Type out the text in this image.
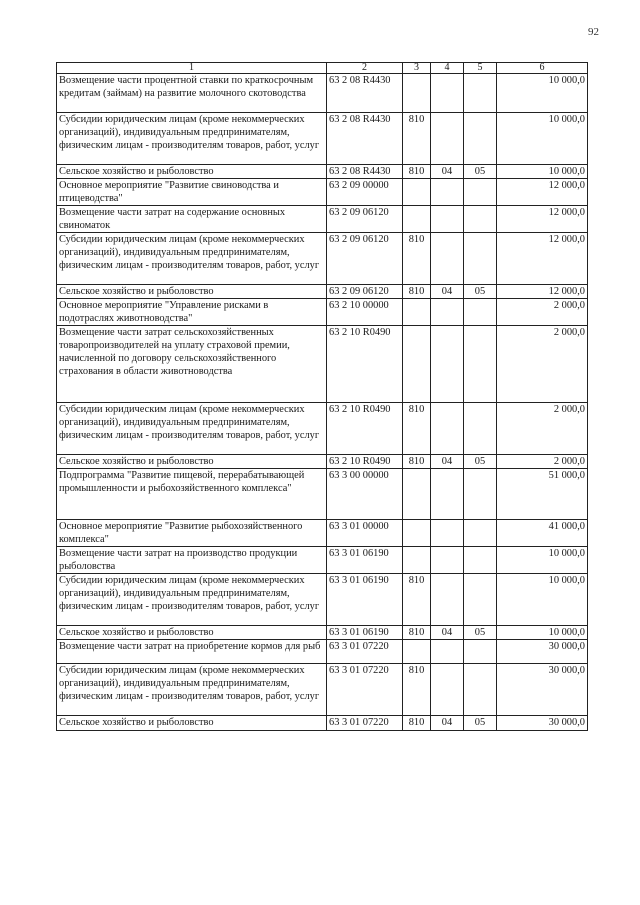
92
1	2	3	4	5	6
Возмещение части процентной ставки по краткосрочным кредитам (займам) на развитие молочного скотоводства	63 2 08 R4430				10 000,0
Субсидии юридическим лицам (кроме некоммерческих организаций), индивидуальным предпринимателям, физическим лицам - производителям товаров, работ, услуг	63 2 08 R4430	810			10 000,0
Сельское хозяйство и рыболовство	63 2 08 R4430	810	04	05	10 000,0
Основное мероприятие "Развитие свиноводства и птицеводства"	63 2 09 00000				12 000,0
Возмещение части затрат на содержание основных свиноматок	63 2 09 06120				12 000,0
Субсидии юридическим лицам (кроме некоммерческих организаций), индивидуальным предпринимателям, физическим лицам - производителям товаров, работ, услуг	63 2 09 06120	810			12 000,0
Сельское хозяйство и рыболовство	63 2 09 06120	810	04	05	12 000,0
Основное мероприятие "Управление рисками в подотраслях животноводства"	63 2 10 00000				2 000,0
Возмещение части затрат сельскохозяйственных товаропроизводителей на уплату страховой премии, начисленной по договору сельскохозяйственного страхования в области животноводства	63 2 10 R0490				2 000,0
Субсидии юридическим лицам (кроме некоммерческих организаций), индивидуальным предпринимателям, физическим лицам - производителям товаров, работ, услуг	63 2 10 R0490	810			2 000,0
Сельское хозяйство и рыболовство	63 2 10 R0490	810	04	05	2 000,0
Подпрограмма "Развитие пищевой, перерабатывающей промышленности и рыбохозяйственного комплекса"	63 3 00 00000				51 000,0
Основное мероприятие "Развитие рыбохозяйственного комплекса"	63 3 01 00000				41 000,0
Возмещение части затрат на производство продукции рыболовства	63 3 01 06190				10 000,0
Субсидии юридическим лицам (кроме некоммерческих организаций), индивидуальным предпринимателям, физическим лицам - производителям товаров, работ, услуг	63 3 01 06190	810			10 000,0
Сельское хозяйство и рыболовство	63 3 01 06190	810	04	05	10 000,0
Возмещение части затрат на приобретение кормов для рыб	63 3 01 07220				30 000,0
Субсидии юридическим лицам (кроме некоммерческих организаций), индивидуальным предпринимателям, физическим лицам - производителям товаров, работ, услуг	63 3 01 07220	810			30 000,0
Сельское хозяйство и рыболовство	63 3 01 07220	810	04	05	30 000,0
